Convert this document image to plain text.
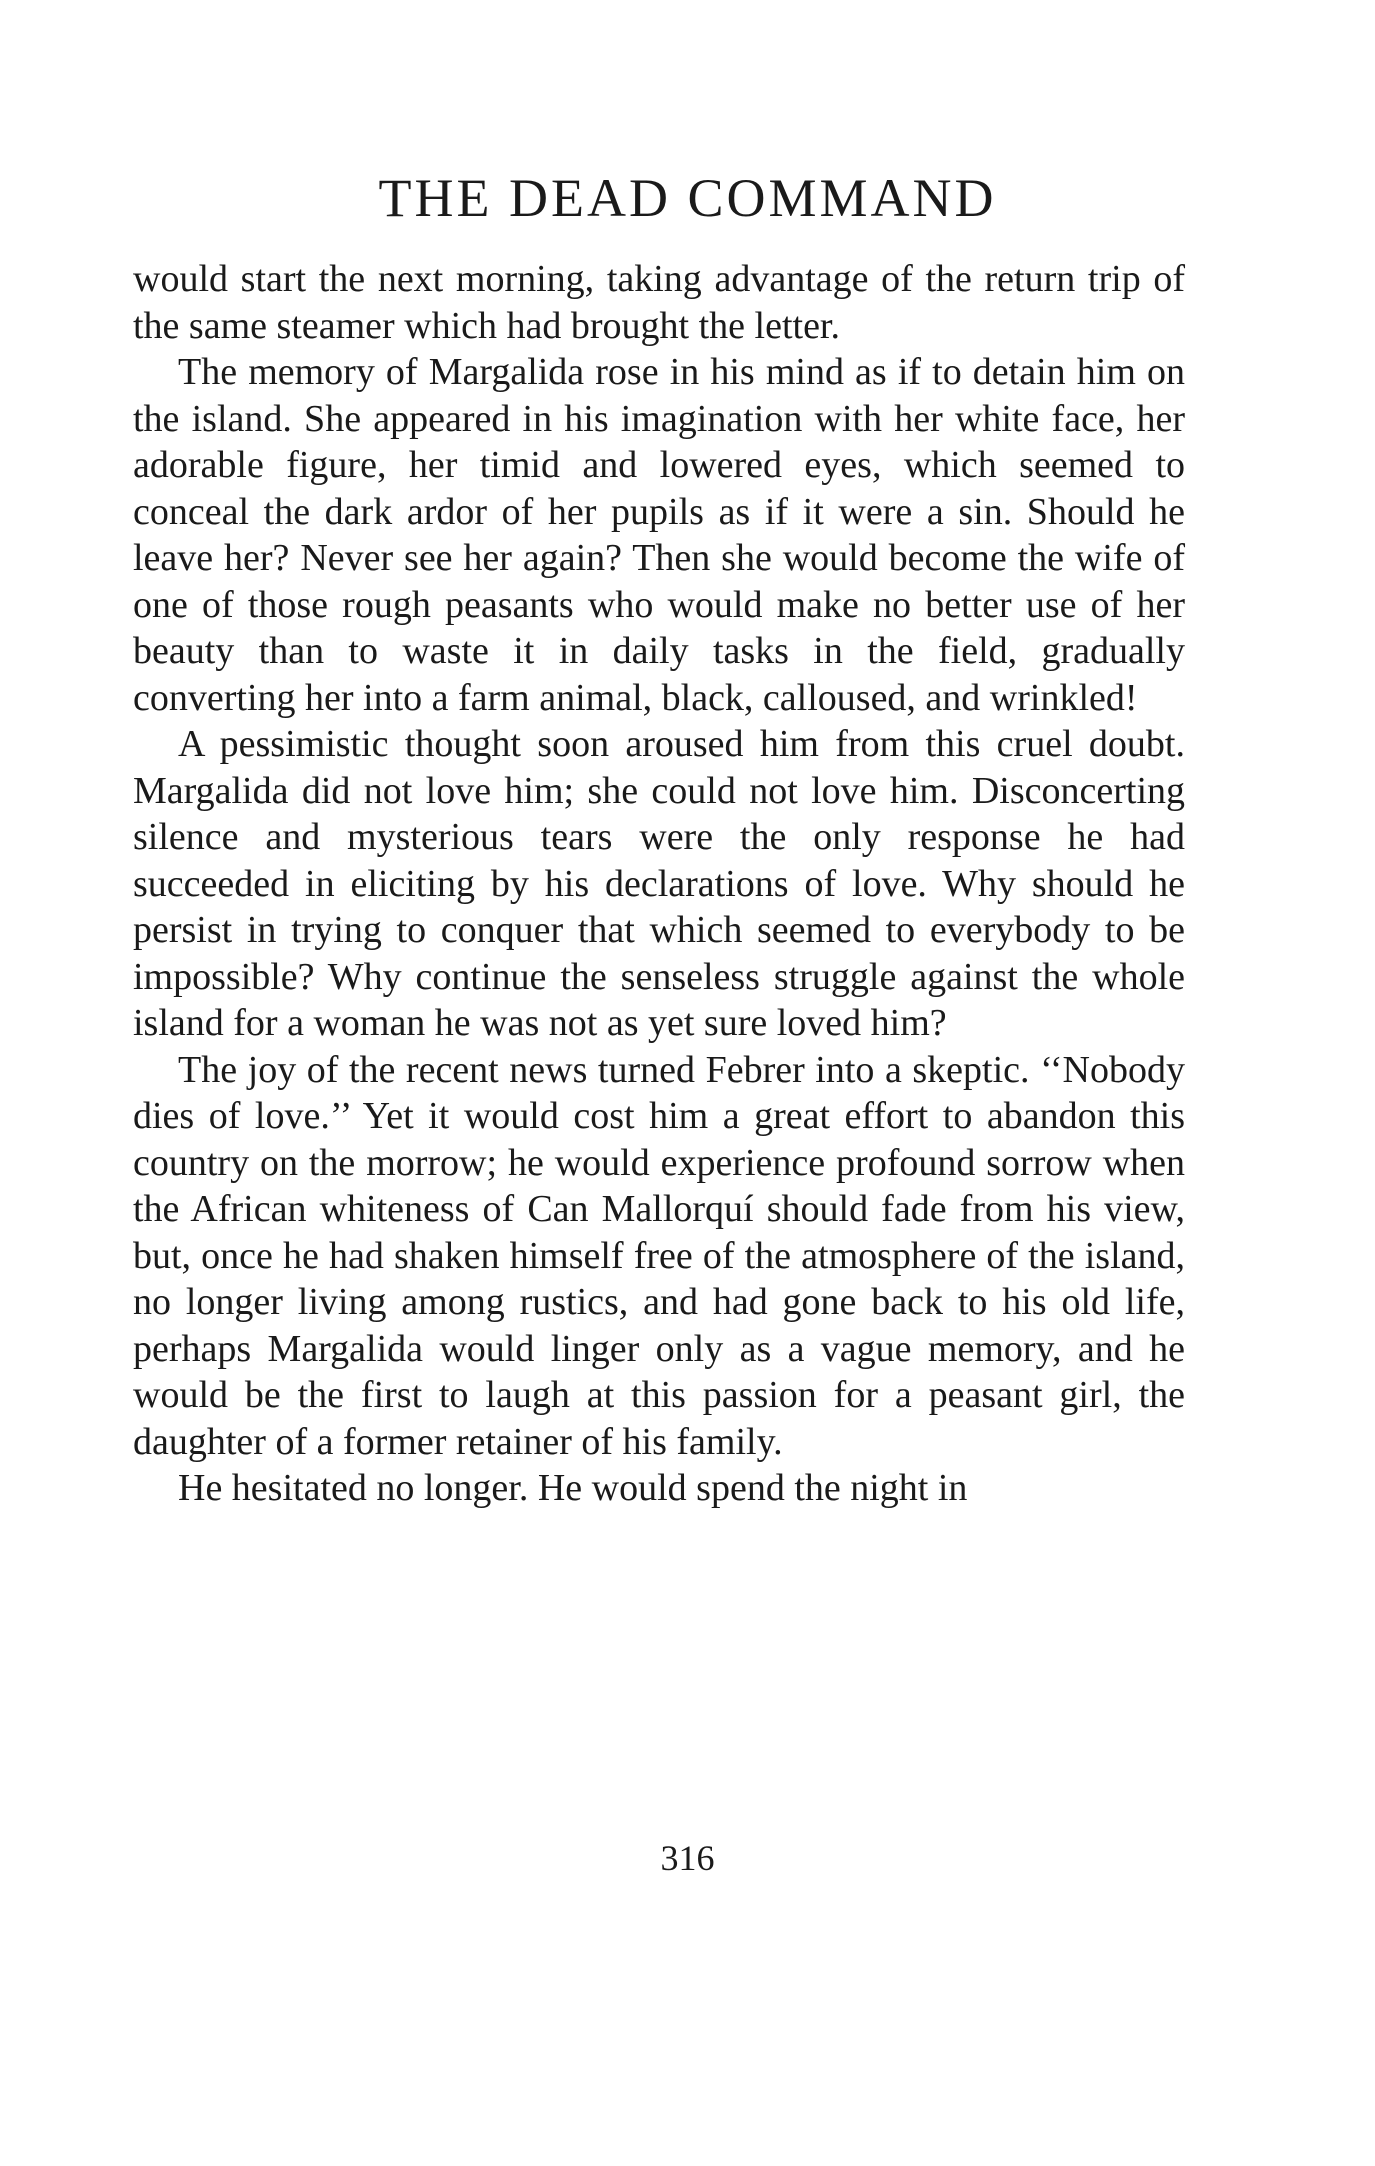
THE DEAD COMMAND

would start the next morning, taking advantage of the return trip of the same steamer which had brought the letter.

The memory of Margalida rose in his mind as if to detain him on the island. She appeared in his imagination with her white face, her adorable figure, her timid and lowered eyes, which seemed to conceal the dark ardor of her pupils as if it were a sin. Should he leave her? Never see her again? Then she would become the wife of one of those rough peasants who would make no better use of her beauty than to waste it in daily tasks in the field, gradually converting her into a farm animal, black, calloused, and wrinkled!

A pessimistic thought soon aroused him from this cruel doubt. Margalida did not love him; she could not love him. Disconcerting silence and mysterious tears were the only response he had succeeded in eliciting by his declarations of love. Why should he persist in trying to conquer that which seemed to everybody to be impossible? Why continue the senseless struggle against the whole island for a woman he was not as yet sure loved him?

The joy of the recent news turned Febrer into a skeptic. ‘‘Nobody dies of love.’’ Yet it would cost him a great effort to abandon this country on the morrow; he would experience profound sorrow when the African whiteness of Can Mallorquí should fade from his view, but, once he had shaken himself free of the atmosphere of the island, no longer living among rustics, and had gone back to his old life, perhaps Margalida would linger only as a vague memory, and he would be the first to laugh at this passion for a peasant girl, the daughter of a former retainer of his family.

He hesitated no longer. He would spend the night in

316
